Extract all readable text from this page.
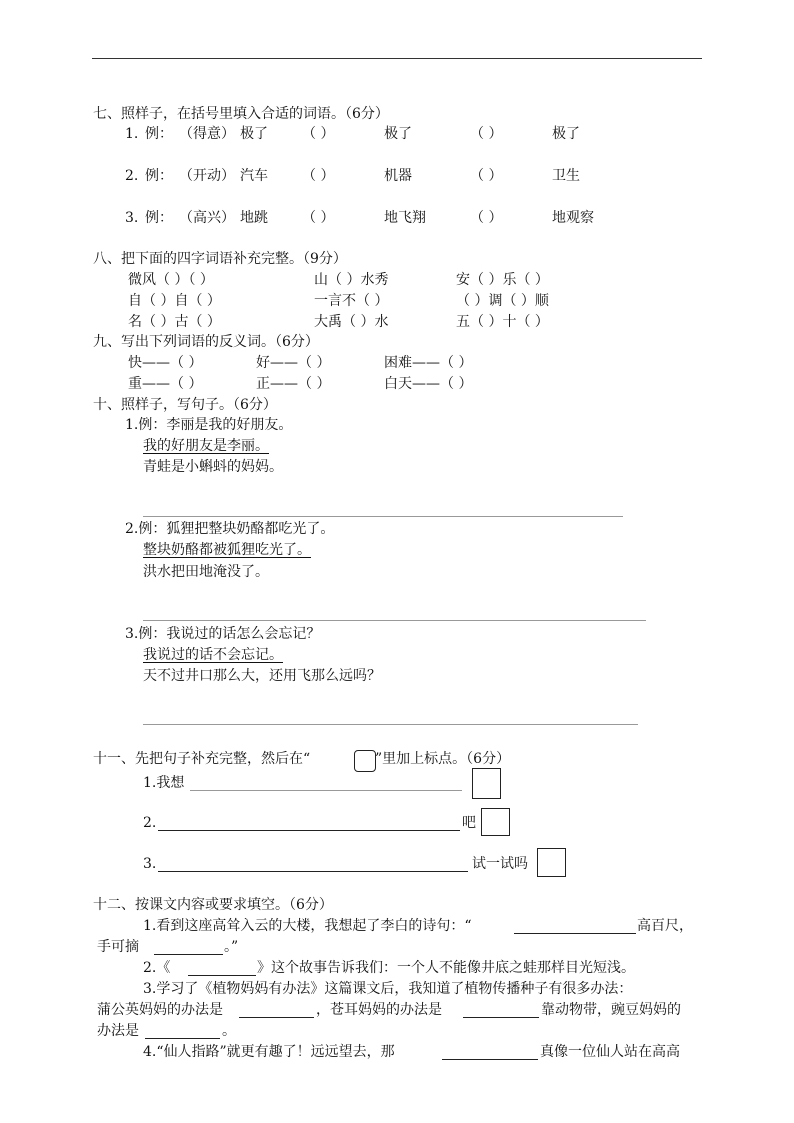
七、照样子，在括号里填入合适的词语。（6分）
1. 例： （得意） 极了 （ ）	极了	（ ）	极了
2. 例： （开动） 汽车 （ ）	机器	（ ）	卫生
3. 例： （高兴） 地跳 （ ）	地飞翔	（ ）	地观察
八、把下面的四字词语补充完整。（9分）
微风（ ）（ ）	山（ ）水秀	安（ ）乐（ ）
自（ ）自（ ）	一言不（ ）	（ ）调（ ）顺
名（ ）古（ ）	大禹（ ）水	五（ ）十（ ）
九、写出下列词语的反义词。（6分）
快——（ ）	好——（ ）	困难——（ ）
重——（ ）	正——（ ）	白天——（ ）
十、照样子，写句子。（6分）
1.例：李丽是我的好朋友。
我的好朋友是李丽。
青蛙是小蝌蚪的妈妈。
2.例：狐狸把整块奶酪都吃光了。
整块奶酪都被狐狸吃光了。
洪水把田地淹没了。
3.例：我说过的话怎么会忘记？
我说过的话不会忘记。
天不过井口那么大，还用飞那么远吗？
十一、先把句子补充完整，然后在“	”里加上标点。（6分）
1.我想
2.	吧
3.	试一试吗
十二、按课文内容或要求填空。（6分）
1.看到这座高耸入云的大楼，我想起了李白的诗句：“	高百尺，
手可摘	。”
2.《	》这个故事告诉我们：一个人不能像井底之蛙那样目光短浅。
3.学习了《植物妈妈有办法》这篇课文后，我知道了植物传播种子有很多办法：
蒲公英妈妈的办法是	，苍耳妈妈的办法是	靠动物带，豌豆妈妈的
办法是	。
4.“仙人指路”就更有趣了！远远望去，那	真像一位仙人站在高高
